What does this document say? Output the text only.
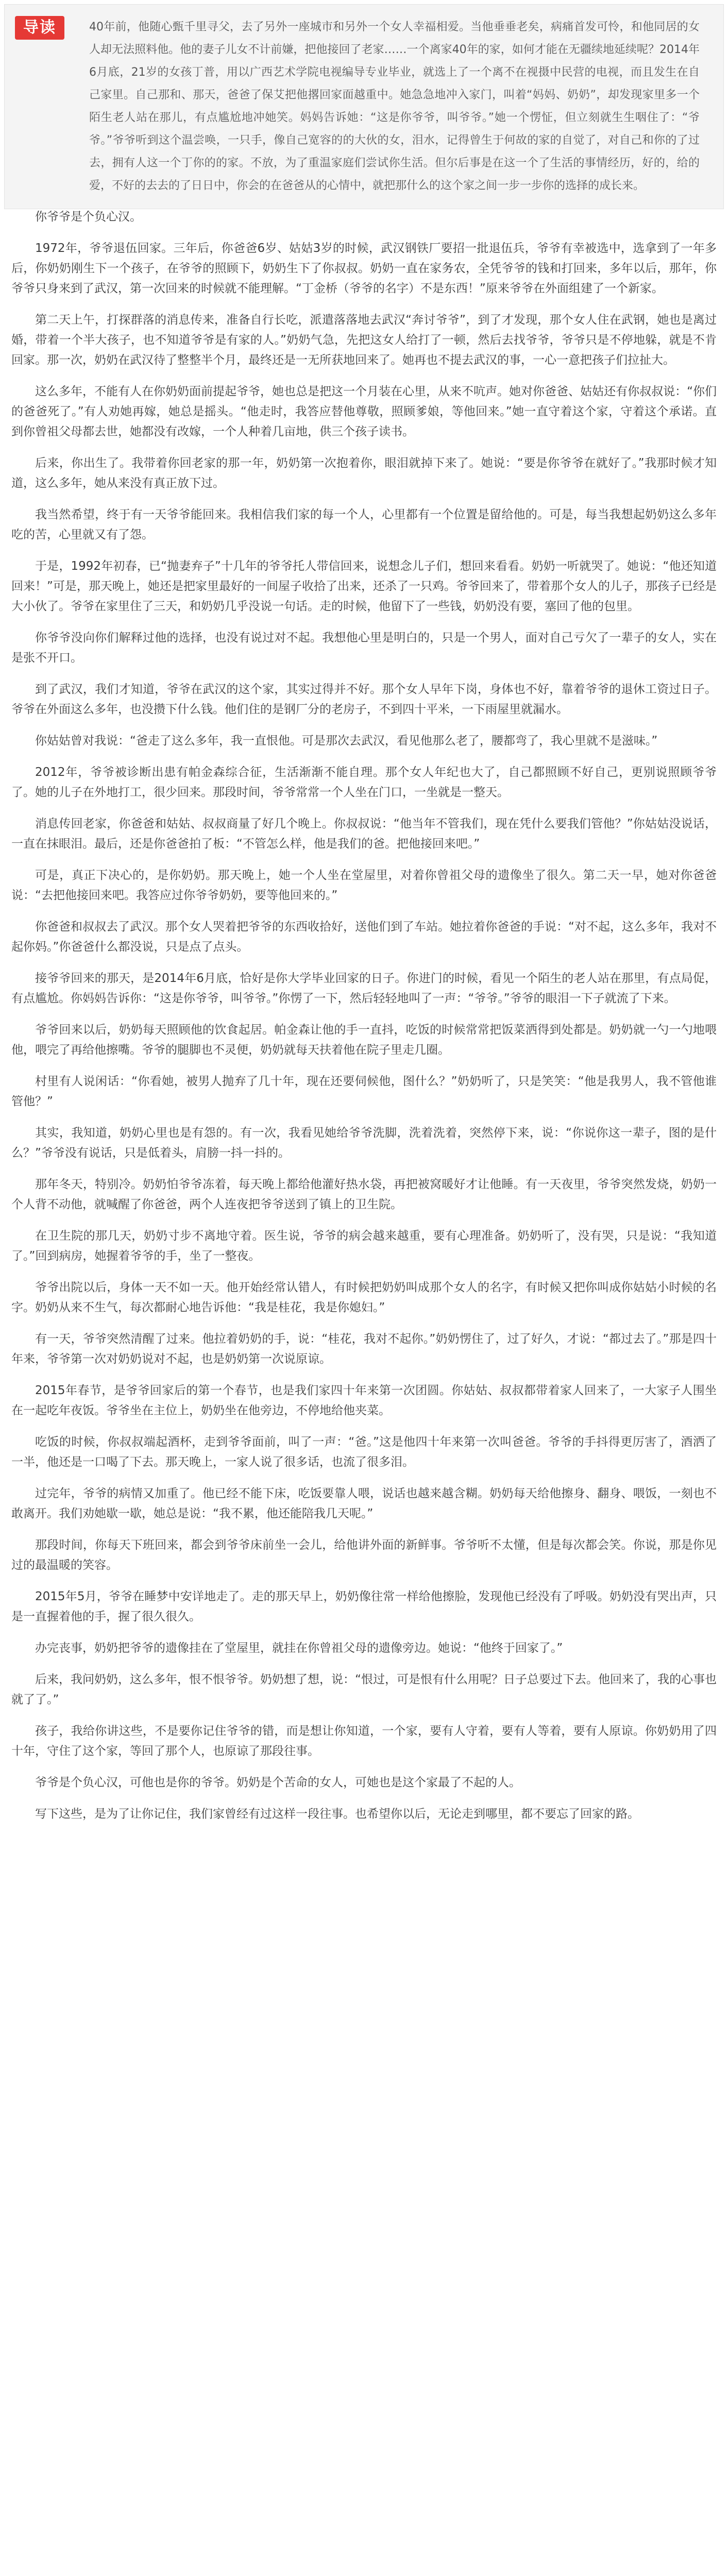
导读	40年前，他随心甄千里寻父，去了另外一座城市和另外一个女人幸福相爱。当他垂垂老矣，病痛首发可怜，和他同居的女人却无法照料他。他的妻子儿女不计前嫌，把他接回了老家……一个离家40年的家，如何才能在无疆续地延续呢？2014年6月底，21岁的女孩丁普，用以广西艺术学院电视编导专业毕业，就选上了一个离不在视摄中民营的电视，而且发生在自己家里。自己那和、那天，爸爸了保艾把他撂回家面越重中。她急急地冲入家门，叫着“妈妈、奶奶”，却发现家里多一个陌生老人站在那儿，有点尴尬地冲她笑。妈妈告诉她：“这是你爷爷，叫爷爷。”她一个愣怔，但立刻就生生咽住了：“爷爷。”爷爷听到这个温尝唤，一只手，像自己宽容的的大伙的女，泪水，记得曾生于何故的家的自觉了，对自己和你的了过去，拥有人这一个丁你的的家。不放，为了重温家庭们尝试你生活。但尔后事是在这一个了生活的事情经历，好的，给的爱，不好的去去的了日日中，你会的在爸爸从的心情中，就把那什么的这个家之间一步一步你的选择的成长来。

你爷爷是个负心汉。

1972年，爷爷退伍回家。三年后，你爸爸6岁、姑姑3岁的时候，武汉钢铁厂要招一批退伍兵，爷爷有幸被选中，选拿到了一年多后，你奶奶刚生下一个孩子，在爷爷的照顾下，奶奶生下了你叔叔。奶奶一直在家务农，全凭爷爷的钱和打回来，多年以后，那年，你爷爷只身来到了武汉，第一次回来的时候就不能理解。“丁金桥（爷爷的名字）不是东西！”原来爷爷在外面组建了一个新家。

第二天上午，打探群落的消息传来，准备自行长吃，派遣落落地去武汉“奔讨爷爷”，到了才发现，那个女人住在武钢，她也是离过婚，带着一个半大孩子，也不知道爷爷是有家的人。”奶奶气急，先把这女人给打了一顿，然后去找爷爷，爷爷只是不停地躲，就是不肯回家。那一次，奶奶在武汉待了整整半个月，最终还是一无所获地回来了。她再也不提去武汉的事，一心一意把孩子们拉扯大。

这么多年，不能有人在你奶奶面前提起爷爷，她也总是把这一个月装在心里，从来不吭声。她对你爸爸、姑姑还有你叔叔说：“你们的爸爸死了。”有人劝她再嫁，她总是摇头。“他走时，我答应替他尊敬，照顾爹娘，等他回来。”她一直守着这个家，守着这个承诺。直到你曾祖父母都去世，她都没有改嫁，一个人种着几亩地，供三个孩子读书。

后来，你出生了。我带着你回老家的那一年，奶奶第一次抱着你，眼泪就掉下来了。她说：“要是你爷爷在就好了。”我那时候才知道，这么多年，她从来没有真正放下过。

我当然希望，终于有一天爷爷能回来。我相信我们家的每一个人，心里都有一个位置是留给他的。可是，每当我想起奶奶这么多年吃的苦，心里就又有了怨。

于是，1992年初春，已“抛妻弃子”十几年的爷爷托人带信回来，说想念儿子们，想回来看看。奶奶一听就哭了。她说：“他还知道回来！”可是，那天晚上，她还是把家里最好的一间屋子收拾了出来，还杀了一只鸡。爷爷回来了，带着那个女人的儿子，那孩子已经是大小伙了。爷爷在家里住了三天，和奶奶几乎没说一句话。走的时候，他留下了一些钱，奶奶没有要，塞回了他的包里。

你爷爷没向你们解释过他的选择，也没有说过对不起。我想他心里是明白的，只是一个男人，面对自己亏欠了一辈子的女人，实在是张不开口。

到了武汉，我们才知道，爷爷在武汉的这个家，其实过得并不好。那个女人早年下岗，身体也不好，靠着爷爷的退休工资过日子。爷爷在外面这么多年，也没攒下什么钱。他们住的是钢厂分的老房子，不到四十平米，一下雨屋里就漏水。

你姑姑曾对我说：“爸走了这么多年，我一直恨他。可是那次去武汉，看见他那么老了，腰都弯了，我心里就不是滋味。”

2012年，爷爷被诊断出患有帕金森综合征，生活渐渐不能自理。那个女人年纪也大了，自己都照顾不好自己，更别说照顾爷爷了。她的儿子在外地打工，很少回来。那段时间，爷爷常常一个人坐在门口，一坐就是一整天。

消息传回老家，你爸爸和姑姑、叔叔商量了好几个晚上。你叔叔说：“他当年不管我们，现在凭什么要我们管他？”你姑姑没说话，一直在抹眼泪。最后，还是你爸爸拍了板：“不管怎么样，他是我们的爸。把他接回来吧。”

可是，真正下决心的，是你奶奶。那天晚上，她一个人坐在堂屋里，对着你曾祖父母的遗像坐了很久。第二天一早，她对你爸爸说：“去把他接回来吧。我答应过你爷爷奶奶，要等他回来的。”

你爸爸和叔叔去了武汉。那个女人哭着把爷爷的东西收拾好，送他们到了车站。她拉着你爸爸的手说：“对不起，这么多年，我对不起你妈。”你爸爸什么都没说，只是点了点头。

接爷爷回来的那天，是2014年6月底，恰好是你大学毕业回家的日子。你进门的时候，看见一个陌生的老人站在那里，有点局促，有点尴尬。你妈妈告诉你：“这是你爷爷，叫爷爷。”你愣了一下，然后轻轻地叫了一声：“爷爷。”爷爷的眼泪一下子就流了下来。

爷爷回来以后，奶奶每天照顾他的饮食起居。帕金森让他的手一直抖，吃饭的时候常常把饭菜洒得到处都是。奶奶就一勺一勺地喂他，喂完了再给他擦嘴。爷爷的腿脚也不灵便，奶奶就每天扶着他在院子里走几圈。

村里有人说闲话：“你看她，被男人抛弃了几十年，现在还要伺候他，图什么？”奶奶听了，只是笑笑：“他是我男人，我不管他谁管他？”

其实，我知道，奶奶心里也是有怨的。有一次，我看见她给爷爷洗脚，洗着洗着，突然停下来，说：“你说你这一辈子，图的是什么？”爷爷没有说话，只是低着头，肩膀一抖一抖的。

那年冬天，特别冷。奶奶怕爷爷冻着，每天晚上都给他灌好热水袋，再把被窝暖好才让他睡。有一天夜里，爷爷突然发烧，奶奶一个人背不动他，就喊醒了你爸爸，两个人连夜把爷爷送到了镇上的卫生院。

在卫生院的那几天，奶奶寸步不离地守着。医生说，爷爷的病会越来越重，要有心理准备。奶奶听了，没有哭，只是说：“我知道了。”回到病房，她握着爷爷的手，坐了一整夜。

爷爷出院以后，身体一天不如一天。他开始经常认错人，有时候把奶奶叫成那个女人的名字，有时候又把你叫成你姑姑小时候的名字。奶奶从来不生气，每次都耐心地告诉他：“我是桂花，我是你媳妇。”

有一天，爷爷突然清醒了过来。他拉着奶奶的手，说：“桂花，我对不起你。”奶奶愣住了，过了好久，才说：“都过去了。”那是四十年来，爷爷第一次对奶奶说对不起，也是奶奶第一次说原谅。

2015年春节，是爷爷回家后的第一个春节，也是我们家四十年来第一次团圆。你姑姑、叔叔都带着家人回来了，一大家子人围坐在一起吃年夜饭。爷爷坐在主位上，奶奶坐在他旁边，不停地给他夹菜。

吃饭的时候，你叔叔端起酒杯，走到爷爷面前，叫了一声：“爸。”这是他四十年来第一次叫爸爸。爷爷的手抖得更厉害了，酒洒了一半，他还是一口喝了下去。那天晚上，一家人说了很多话，也流了很多泪。

过完年，爷爷的病情又加重了。他已经不能下床，吃饭要靠人喂，说话也越来越含糊。奶奶每天给他擦身、翻身、喂饭，一刻也不敢离开。我们劝她歇一歇，她总是说：“我不累，他还能陪我几天呢。”

那段时间，你每天下班回来，都会到爷爷床前坐一会儿，给他讲外面的新鲜事。爷爷听不太懂，但是每次都会笑。你说，那是你见过的最温暖的笑容。

2015年5月，爷爷在睡梦中安详地走了。走的那天早上，奶奶像往常一样给他擦脸，发现他已经没有了呼吸。奶奶没有哭出声，只是一直握着他的手，握了很久很久。

办完丧事，奶奶把爷爷的遗像挂在了堂屋里，就挂在你曾祖父母的遗像旁边。她说：“他终于回家了。”

后来，我问奶奶，这么多年，恨不恨爷爷。奶奶想了想，说：“恨过，可是恨有什么用呢？日子总要过下去。他回来了，我的心事也就了了。”

孩子，我给你讲这些，不是要你记住爷爷的错，而是想让你知道，一个家，要有人守着，要有人等着，要有人原谅。你奶奶用了四十年，守住了这个家，等回了那个人，也原谅了那段往事。

爷爷是个负心汉，可他也是你的爷爷。奶奶是个苦命的女人，可她也是这个家最了不起的人。

写下这些，是为了让你记住，我们家曾经有过这样一段往事。也希望你以后，无论走到哪里，都不要忘了回家的路。
